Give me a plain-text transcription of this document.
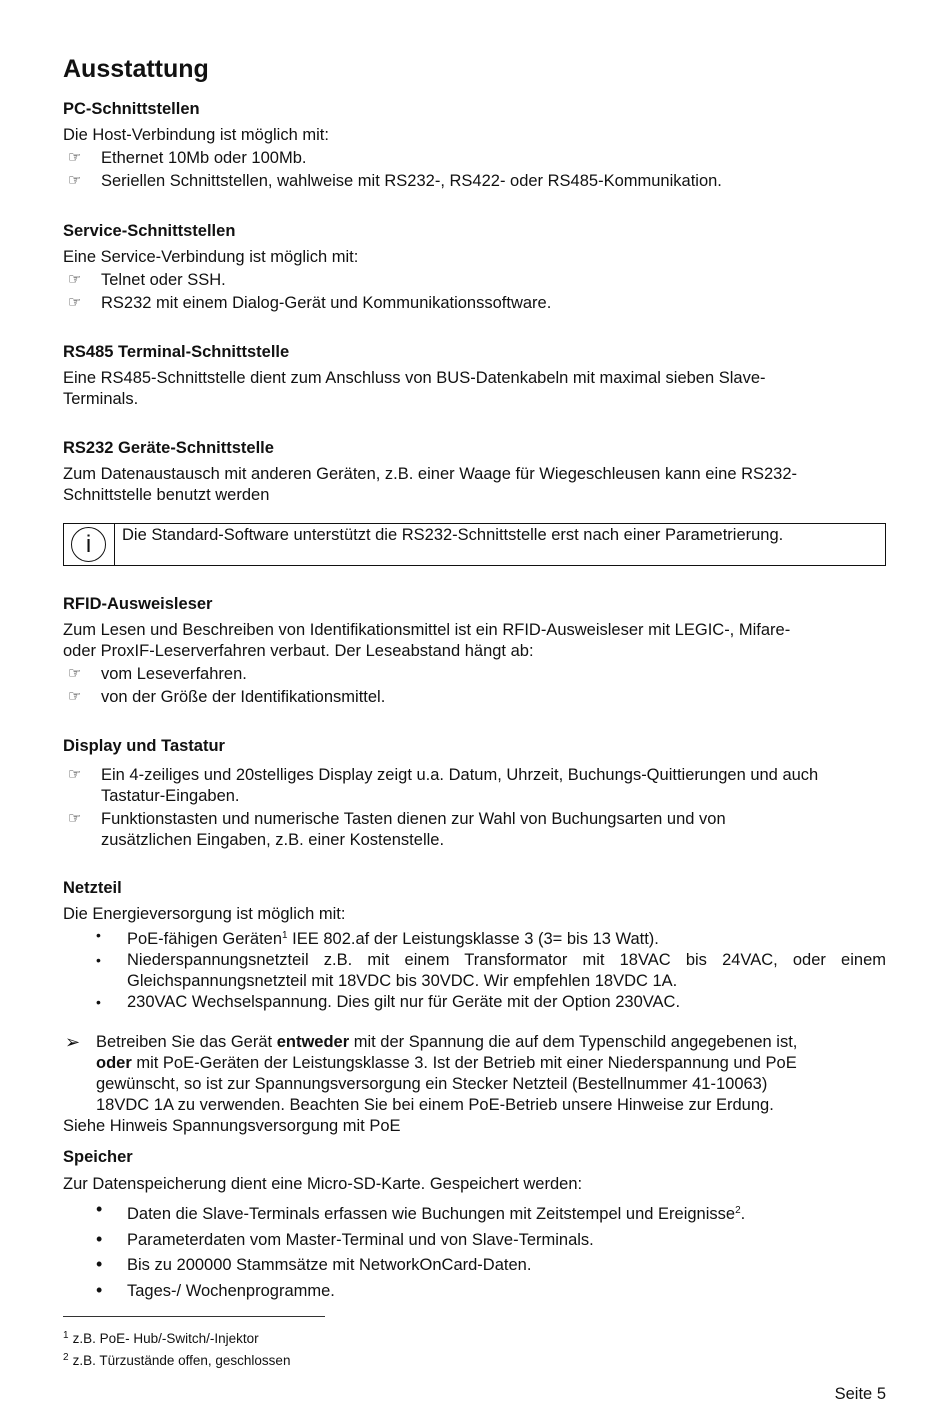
Ausstattung
PC-Schnittstellen

Die Host-Verbindung ist möglich mit:

☞ Ethernet 10Mb oder 100Mb.
☞ Seriellen Schnittstellen, wahlweise mit RS232-, RS422- oder RS485-Kommunikation.
Service-Schnittstellen

Eine Service-Verbindung ist möglich mit:

☞ Telnet oder SSH.
☞ RS232 mit einem Dialog-Gerät und Kommunikationssoftware.
RS485 Terminal-Schnittstelle

Eine RS485-Schnittstelle dient zum Anschluss von BUS-Datenkabeln mit maximal sieben Slave-

Terminals.

RS232 Geräte-Schnittstelle

Zum Datenaustausch mit anderen Geräten, z.B. einer Waage für Wiegeschleusen kann eine RS232-

Schnittstelle benutzt werden

i	Die Standard-Software unterstützt die RS232-Schnittstelle erst nach einer Parametrierung.
RFID-Ausweisleser

Zum Lesen und Beschreiben von Identifikationsmittel ist ein RFID-Ausweisleser mit LEGIC-, Mifare-

oder ProxIF-Leserverfahren verbaut. Der Leseabstand hängt ab:

☞ vom Leseverfahren.
☞ von der Größe der Identifikationsmittel.
Display und Tastatur
☞ Ein 4-zeiliges und 20stelliges Display zeigt u.a. Datum, Uhrzeit, Buchungs-Quittierungen und auch Tastatur-Eingaben.
☞ Funktionstasten und numerische Tasten dienen zur Wahl von Buchungsarten und von zusätzlichen Eingaben, z.B. einer Kostenstelle.
Netzteil

Die Energieversorgung ist möglich mit:

• PoE-fähigen Geräten$^1$ IEE 802.af der Leistungsklasse 3 (3= bis 13 Watt).
• Niederspannungsnetzteil z.B. mit einem Transformator mit 18VAC bis 24VAC, oder einem Gleichspannungsnetzteil mit 18VDC bis 30VDC. Wir empfehlen 18VDC 1A.
• 230VAC Wechselspannung. Dies gilt nur für Geräte mit der Option 230VAC.
➢ Betreiben Sie das Gerät entweder mit der Spannung die auf dem Typenschild angegebenen ist,
oder mit PoE-Geräten der Leistungsklasse 3. Ist der Betrieb mit einer Niederspannung und PoE
gewünscht, so ist zur Spannungsversorgung ein Stecker Netzteil (Bestellnummer 41-10063)
18VDC 1A zu verwenden. Beachten Sie bei einem PoE-Betrieb unsere Hinweise zur Erdung.

Siehe Hinweis Spannungsversorgung mit PoE

Speicher

Zur Datenspeicherung dient eine Micro-SD-Karte. Gespeichert werden:

• Daten die Slave-Terminals erfassen wie Buchungen mit Zeitstempel und Ereignisse$^2$.
• Parameterdaten vom Master-Terminal und von Slave-Terminals.
• Bis zu 200000 Stammsätze mit NetworkOnCard-Daten.
• Tages-/ Wochenprogramme.
$^1$ z.B. PoE- Hub/-Switch/-Injektor
$^2$ z.B. Türzustände offen, geschlossen
Seite 5
